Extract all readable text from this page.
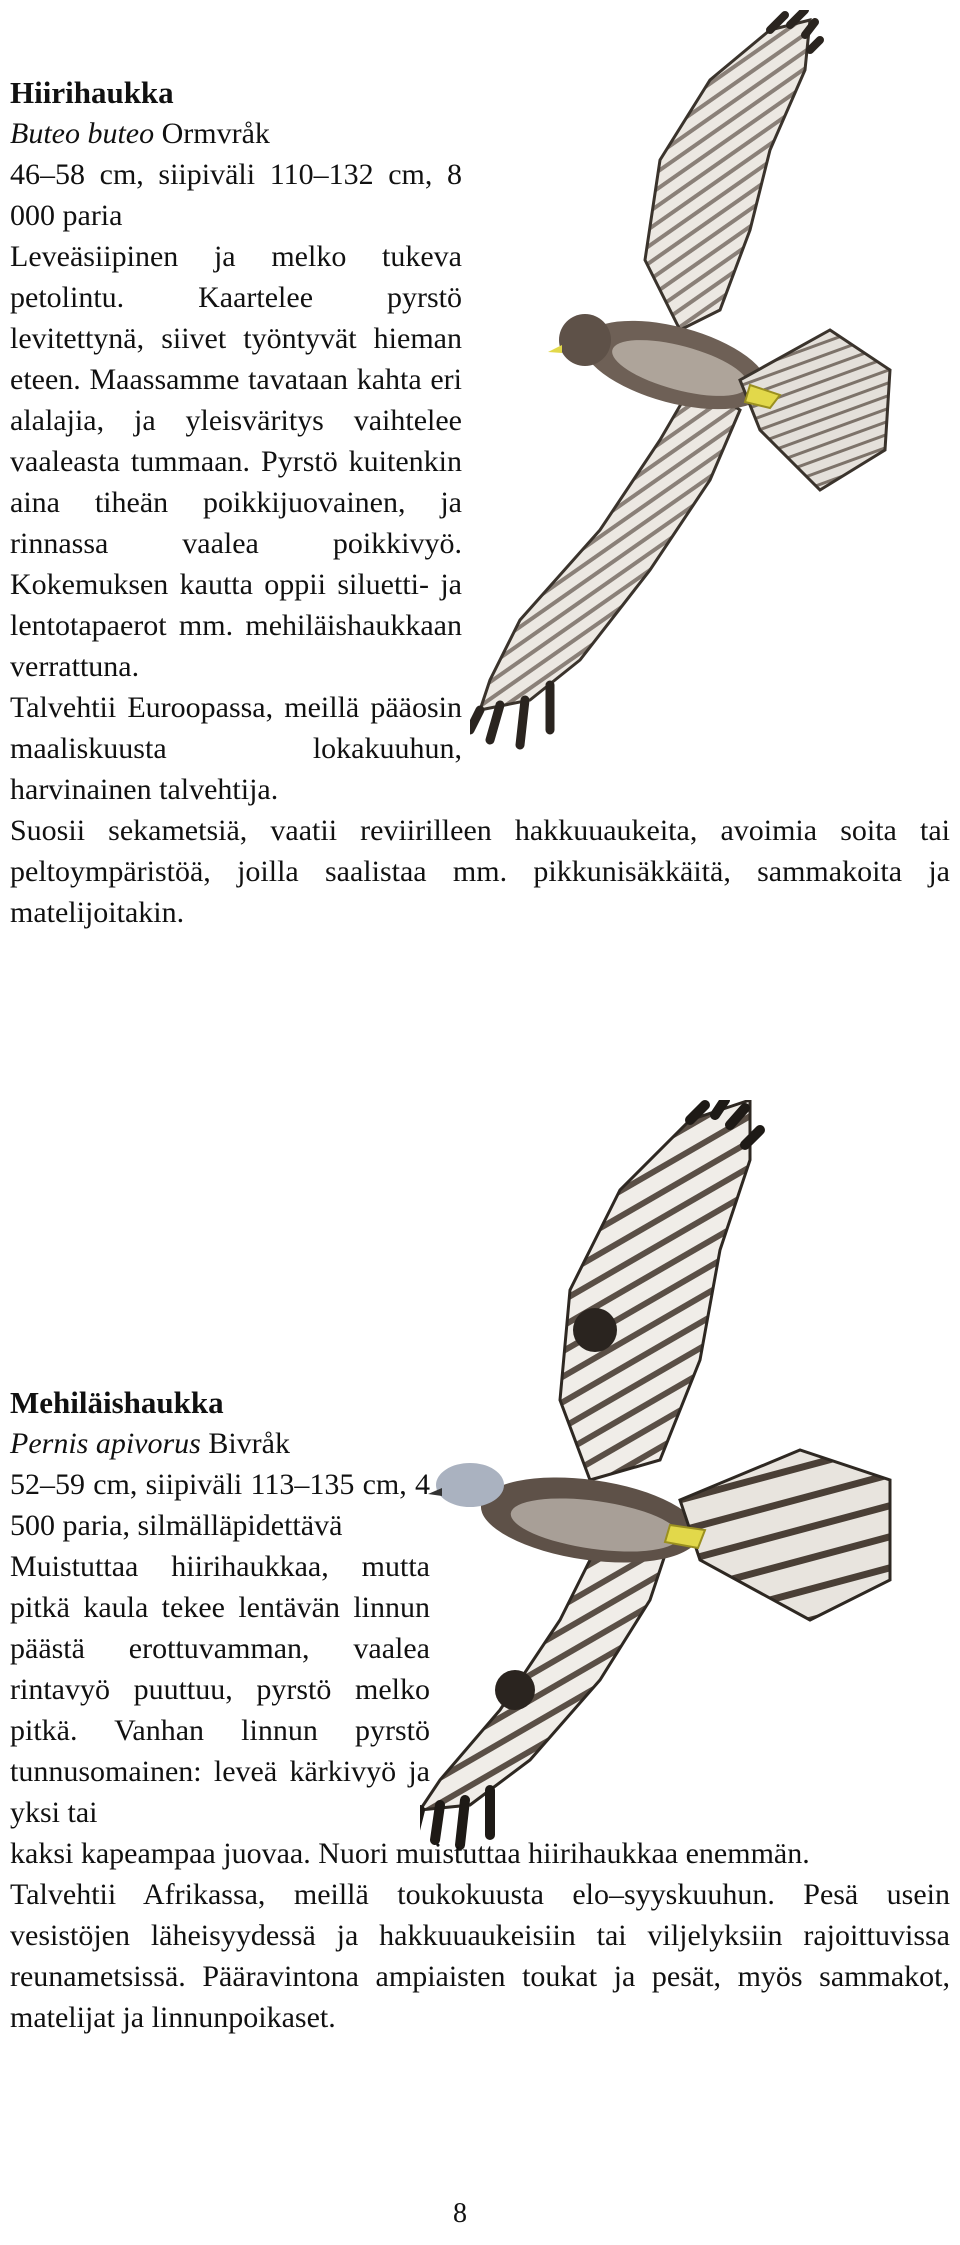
Hiirihaukka

Buteo buteo Ormvråk

46–58 cm, siipiväli 110–132 cm, 8 000 paria

Leveäsiipinen ja melko tukeva petolintu. Kaartelee pyrstö levitettynä, siivet työntyvät hieman eteen. Maassamme tavataan kahta eri alalajia, ja yleisväritys vaihtelee vaaleasta tummaan. Pyrstö kuitenkin aina tiheän poikkijuovainen, ja rinnassa vaalea poikkivyö. Kokemuksen kautta oppii siluetti- ja lentotapaerot mm. mehiläishaukkaan verrattuna.

Talvehtii Euroopassa, meillä pääosin maaliskuusta lokakuuhun, harvinainen talvehtija.

Suosii sekametsiä, vaatii reviirilleen hakkuuaukeita, avoimia soita tai peltoympäristöä, joilla saalistaa mm. pikkunisäkkäitä, sammakoita ja matelijoitakin.

Mehiläishaukka

Pernis apivorus Bivråk

52–59 cm, siipiväli 113–135 cm, 4 500 paria, silmälläpidettävä

Muistuttaa hiirihaukkaa, mutta pitkä kaula tekee lentävän linnun päästä erottuvamman, vaalea rintavyö puuttuu, pyrstö melko pitkä. Vanhan linnun pyrstö tunnusomainen: leveä kärkivyö ja yksi tai

kaksi kapeampaa juovaa. Nuori muistuttaa hiirihaukkaa enemmän.

Talvehtii Afrikassa, meillä toukokuusta elo–syyskuuhun. Pesä usein vesistöjen läheisyydessä ja hakkuuaukeisiin tai viljelyksiin rajoittuvissa reunametsissä. Pääravintona ampiaisten toukat ja pesät, myös sammakot, matelijat ja linnunpoikaset.

8
